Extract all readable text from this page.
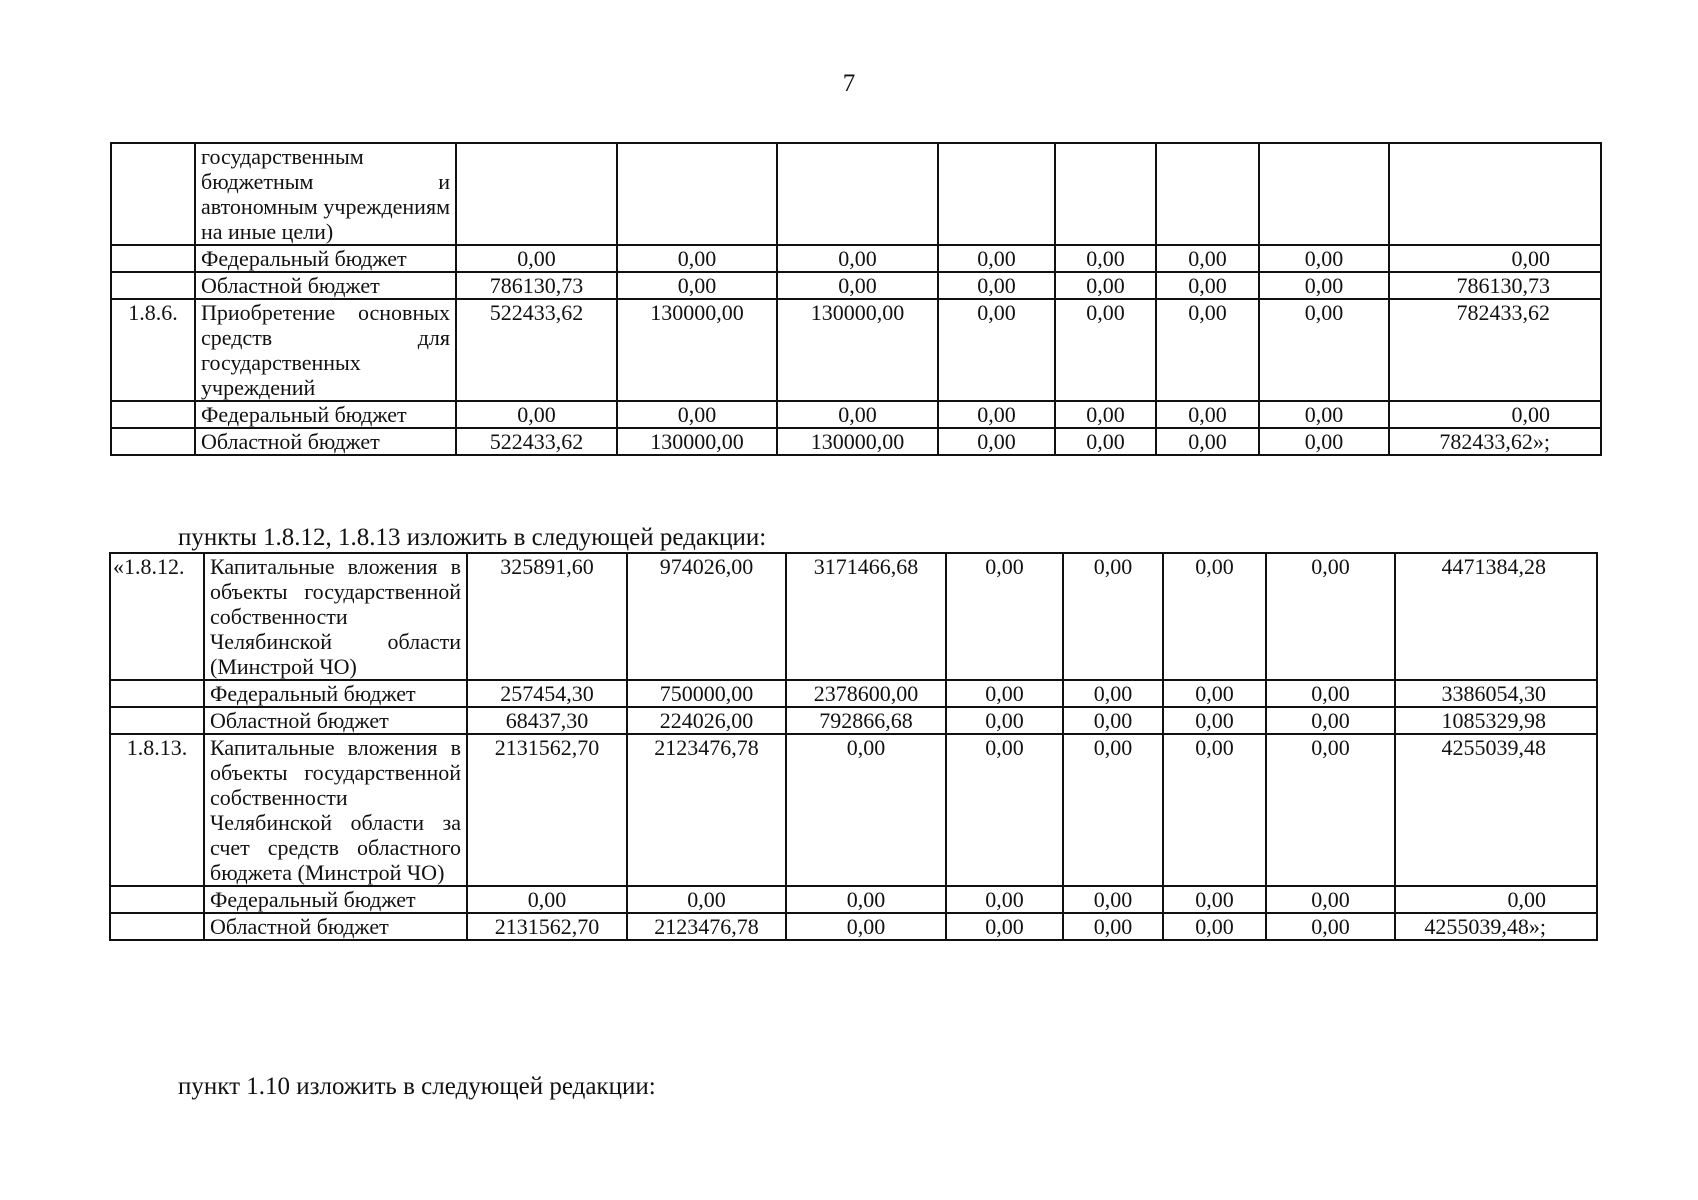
7
	государственным бюджетным и автономным учреждениям на иные цели)								
	Федеральный бюджет	0,00	0,00	0,00	0,00	0,00	0,00	0,00	0,00
	Областной бюджет	786130,73	0,00	0,00	0,00	0,00	0,00	0,00	786130,73
1.8.6.	Приобретение основных средств для государственных учреждений	522433,62	130000,00	130000,00	0,00	0,00	0,00	0,00	782433,62
	Федеральный бюджет	0,00	0,00	0,00	0,00	0,00	0,00	0,00	0,00
	Областной бюджет	522433,62	130000,00	130000,00	0,00	0,00	0,00	0,00	782433,62»;
пункты 1.8.12, 1.8.13 изложить в следующей редакции:
«1.8.12.	Капитальные вложения в объекты государственной собственности Челябинской области (Минстрой ЧО)	325891,60	974026,00	3171466,68	0,00	0,00	0,00	0,00	4471384,28
	Федеральный бюджет	257454,30	750000,00	2378600,00	0,00	0,00	0,00	0,00	3386054,30
	Областной бюджет	68437,30	224026,00	792866,68	0,00	0,00	0,00	0,00	1085329,98
1.8.13.	Капитальные вложения в объекты государственной собственности Челябинской области за счет средств областного бюджета (Минстрой ЧО)	2131562,70	2123476,78	0,00	0,00	0,00	0,00	0,00	4255039,48
	Федеральный бюджет	0,00	0,00	0,00	0,00	0,00	0,00	0,00	0,00
	Областной бюджет	2131562,70	2123476,78	0,00	0,00	0,00	0,00	0,00	4255039,48»;
пункт 1.10 изложить в следующей редакции:
